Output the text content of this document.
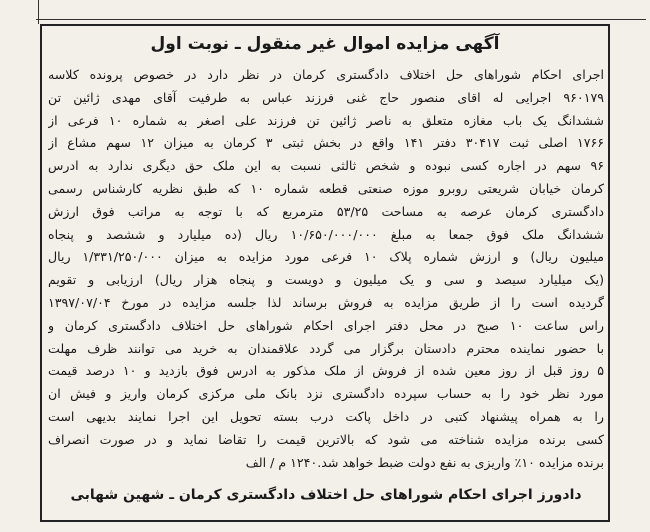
آگهی مزایده اموال غیر منقول ـ نوبت اول
اجرای احکام شوراهای حل اختلاف دادگستری کرمان در نظر دارد در خصوص پرونده کلاسه
۹۶۰۱۷۹ اجرایی له اقای منصور حاج غنی فرزند عباس به طرفیت آقای مهدی ژائین تن
ششدانگ یک باب مغازه متعلق به ناصر ژائین تن فرزند علی اصغر به شماره ۱۰ فرعی از
۱۷۶۶ اصلی ثبت ۳۰۴۱۷ دفتر ۱۴۱ واقع در بخش ثبتی ۳ کرمان به میزان ۱۲ سهم مشاع از
۹۶ سهم در اجاره کسی نبوده و شخص ثالثی نسبت به این ملک حق دیگری ندارد به ادرس
کرمان خیابان شریعتی روبرو موزه صنعتی قطعه شماره ۱۰ که طبق نظریه کارشناس رسمی
دادگستری کرمان عرصه به مساحت ۵۳/۲۵ مترمربع که با توجه به مراتب فوق ارزش
ششدانگ ملک فوق جمعا به مبلغ ۱۰/۶۵۰/۰۰۰/۰۰۰ ریال (ده میلیارد و ششصد و پنجاه
میلیون ریال) و ارزش شماره پلاک ۱۰ فرعی مورد مزایده به میزان ۱/۳۳۱/۲۵۰/۰۰۰ ریال
(یک میلیارد سیصد و سی و یک میلیون و دویست و پنجاه هزار ریال) ارزیابی و تقویم
گردیده است را از طریق مزایده به فروش برساند لذا جلسه مزایده در مورخ ۱۳۹۷/۰۷/۰۴
راس ساعت ۱۰ صبح در محل دفتر اجرای احکام شوراهای حل اختلاف دادگستری کرمان و
با حضور نماینده محترم دادستان برگزار می گردد علاقمندان به خرید می توانند ظرف مهلت
۵ روز قبل از روز معین شده از فروش از ملک مذکور به ادرس فوق بازدید و ۱۰ درصد قیمت
مورد نظر خود را به حساب سپرده دادگستری نزد بانک ملی مرکزی کرمان واریز و فیش ان
را به همراه پیشنهاد کتبی در داخل پاکت درب بسته تحویل این اجرا نمایند بدیهی است
کسی برنده مزایده شناخته می شود که بالاترین قیمت را تقاضا نماید و در صورت انصراف
برنده مزایده ۱۰٪ واریزی به نفع دولت ضبط خواهد شد.۱۲۴۰ م / الف
دادورز اجرای احکام شوراهای حل اختلاف دادگستری کرمان ـ شهین شهابی
